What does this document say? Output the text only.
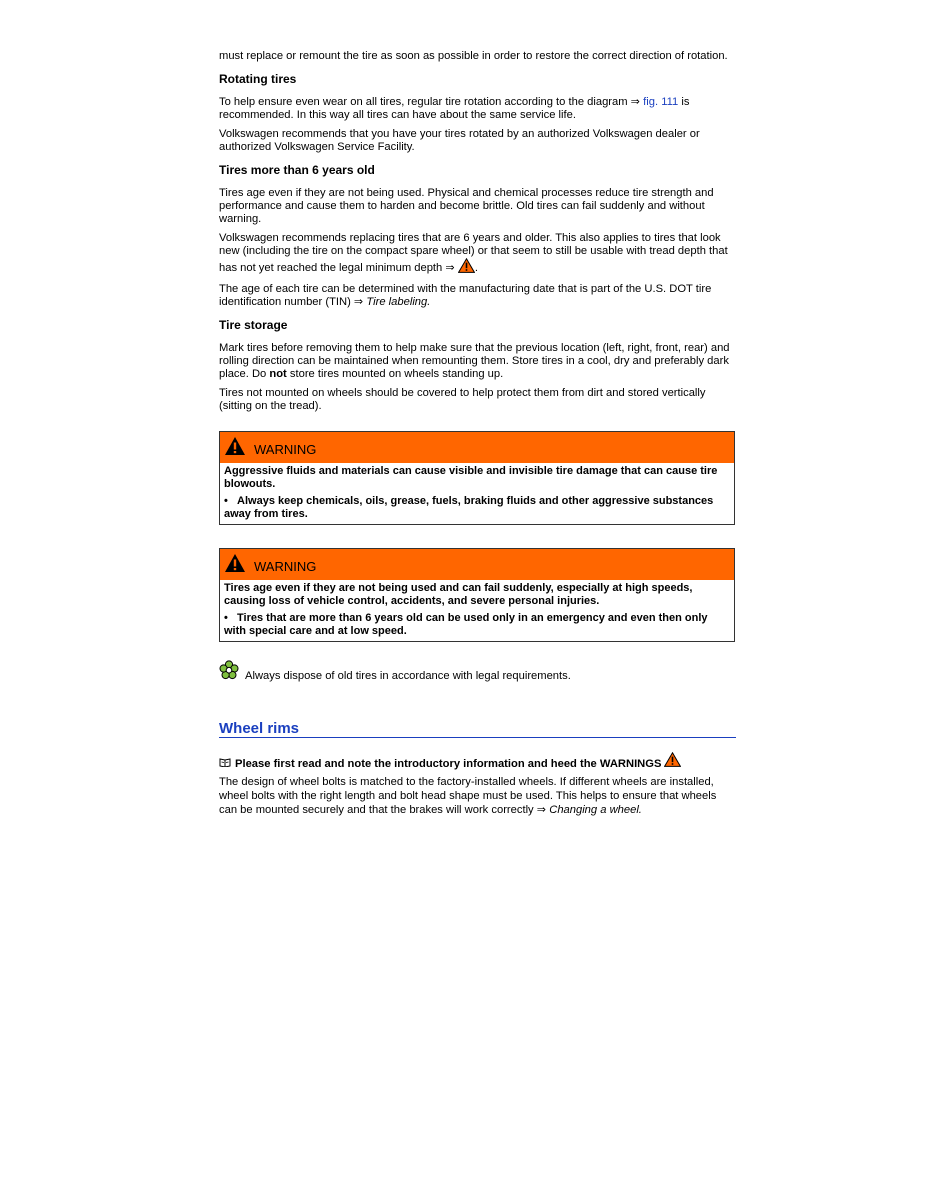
must replace or remount the tire as soon as possible in order to restore the correct direction of rotation.

Rotating tires

To help ensure even wear on all tires, regular tire rotation according to the diagram ⇒ fig. 111 is recommended. In this way all tires can have about the same service life.

Volkswagen recommends that you have your tires rotated by an authorized Volkswagen dealer or authorized Volkswagen Service Facility.

Tires more than 6 years old

Tires age even if they are not being used. Physical and chemical processes reduce tire strength and performance and cause them to harden and become brittle. Old tires can fail suddenly and without warning.

Volkswagen recommends replacing tires that are 6 years and older. This also applies to tires that look new (including the tire on the compact spare wheel) or that seem to still be usable with tread depth that has not yet reached the legal minimum depth ⇒ .

The age of each tire can be determined with the manufacturing date that is part of the U.S. DOT tire identification number (TIN) ⇒ Tire labeling.

Tire storage

Mark tires before removing them to help make sure that the previous location (left, right, front, rear) and rolling direction can be maintained when remounting them. Store tires in a cool, dry and preferably dark place. Do not store tires mounted on wheels standing up.

Tires not mounted on wheels should be covered to help protect them from dirt and stored vertically (sitting on the tread).

WARNING

Aggressive fluids and materials can cause visible and invisible tire damage that can cause tire blowouts.

• Always keep chemicals, oils, grease, fuels, braking fluids and other aggressive substances away from tires.

WARNING

Tires age even if they are not being used and can fail suddenly, especially at high speeds, causing loss of vehicle control, accidents, and severe personal injuries.

• Tires that are more than 6 years old can be used only in an emergency and even then only with special care and at low speed.

Always dispose of old tires in accordance with legal requirements.
Wheel rims
Please first read and note the introductory information and heed the WARNINGS

The design of wheel bolts is matched to the factory-installed wheels. If different wheels are installed, wheel bolts with the right length and bolt head shape must be used. This helps to ensure that wheels can be mounted securely and that the brakes will work correctly ⇒ Changing a wheel.
